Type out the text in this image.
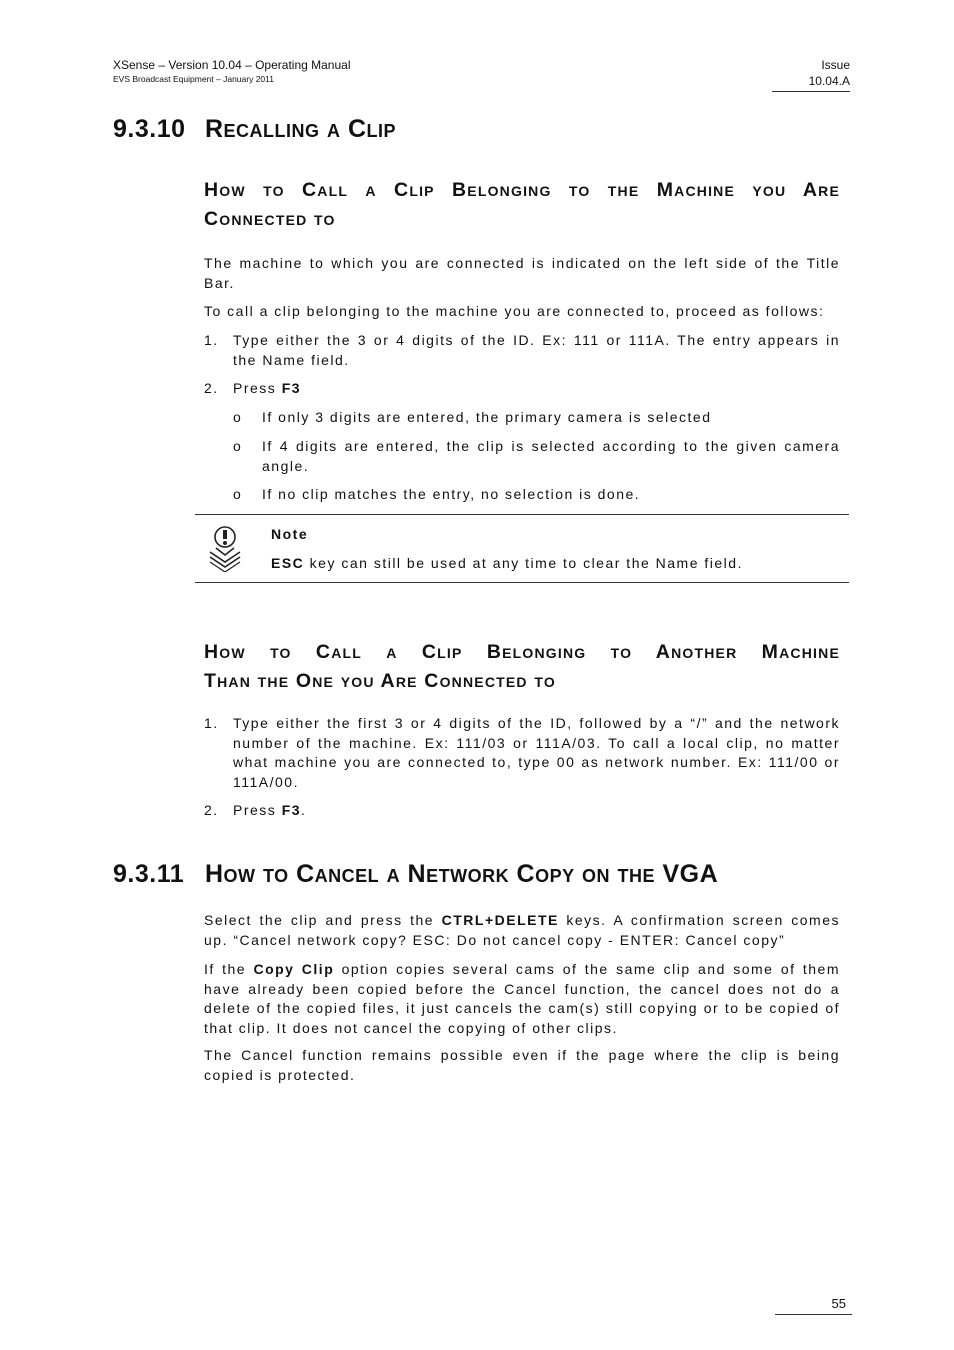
XSense – Version 10.04 – Operating Manual
EVS Broadcast Equipment – January 2011
Issue
10.04.A
9.3.10 Recalling a Clip
How to Call a Clip Belonging to the Machine you Are
Connected to
The machine to which you are connected is indicated on the left side of the Title Bar.
To call a clip belonging to the machine you are connected to, proceed as follows:
1. Type either the 3 or 4 digits of the ID. Ex: 111 or 111A. The entry appears in the Name field.
2. Press F3
o If only 3 digits are entered, the primary camera is selected
o If 4 digits are entered, the clip is selected according to the given camera angle.
o If no clip matches the entry, no selection is done.
Note
ESC key can still be used at any time to clear the Name field.
How to Call a Clip Belonging to Another Machine
Than the One you Are Connected to
1. Type either the first 3 or 4 digits of the ID, followed by a “/” and the network number of the machine. Ex: 111/03 or 111A/03. To call a local clip, no matter what machine you are connected to, type 00 as network number. Ex: 111/00 or 111A/00.
2. Press F3.
9.3.11 How to Cancel a Network Copy on the VGA
Select the clip and press the CTRL+DELETE keys. A confirmation screen comes up. “Cancel network copy? ESC: Do not cancel copy - ENTER: Cancel copy”
If the Copy Clip option copies several cams of the same clip and some of them have already been copied before the Cancel function, the cancel does not do a delete of the copied files, it just cancels the cam(s) still copying or to be copied of that clip. It does not cancel the copying of other clips.
The Cancel function remains possible even if the page where the clip is being copied is protected.
55
